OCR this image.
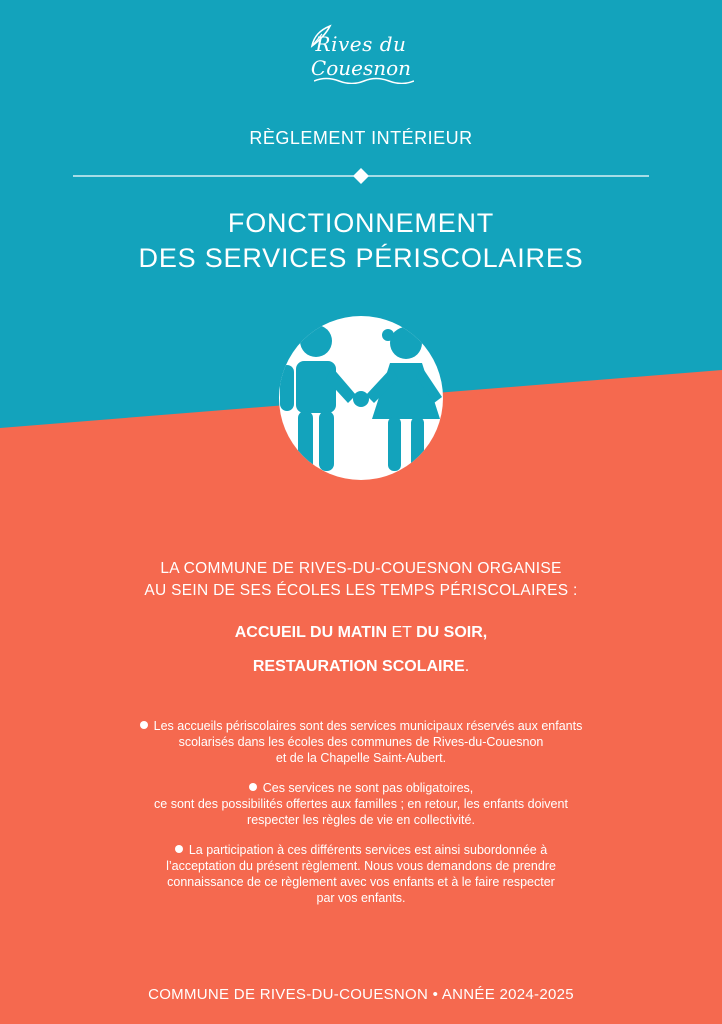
Rives du
Couesnon
RÈGLEMENT INTÉRIEUR
FONCTIONNEMENT
DES SERVICES PÉRISCOLAIRES
LA COMMUNE DE RIVES-DU-COUESNON ORGANISE
AU SEIN DE SES ÉCOLES LES TEMPS PÉRISCOLAIRES :
ACCUEIL DU MATIN ET DU SOIR,
RESTAURATION SCOLAIRE.
Les accueils périscolaires sont des services municipaux réservés aux enfants
scolarisés dans les écoles des communes de Rives-du-Couesnon
et de la Chapelle Saint-Aubert.
Ces services ne sont pas obligatoires,
ce sont des possibilités offertes aux familles ; en retour, les enfants doivent
respecter les règles de vie en collectivité.
La participation à ces différents services est ainsi subordonnée à
l’acceptation du présent règlement. Nous vous demandons de prendre
connaissance de ce règlement avec vos enfants et à le faire respecter
par vos enfants.
COMMUNE DE RIVES-DU-COUESNON • ANNÉE 2024-2025
